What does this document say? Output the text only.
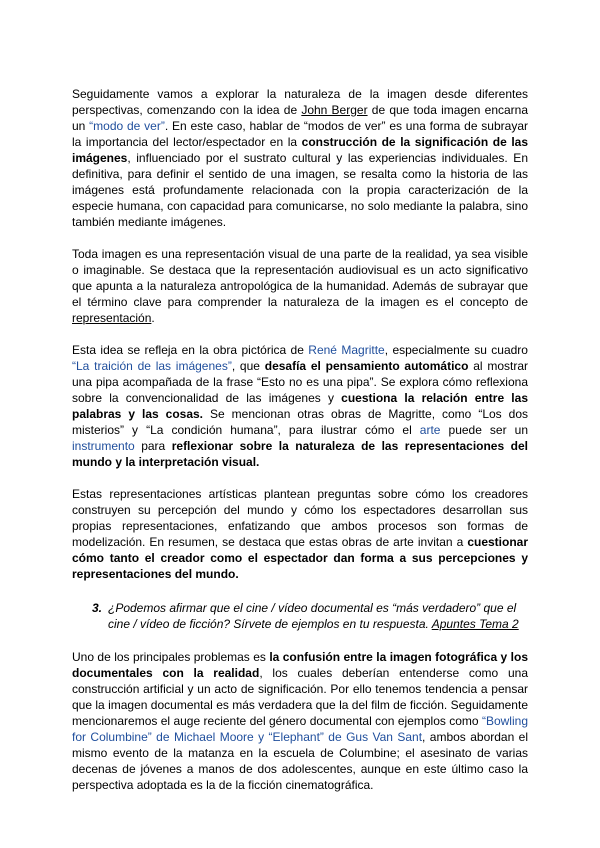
Seguidamente vamos a explorar la naturaleza de la imagen desde diferentes perspectivas, comenzando con la idea de John Berger de que toda imagen encarna un “modo de ver”. En este caso, hablar de “modos de ver” es una forma de subrayar la importancia del lector/espectador en la construcción de la significación de las imágenes, influenciado por el sustrato cultural y las experiencias individuales. En definitiva, para definir el sentido de una imagen, se resalta como la historia de las imágenes está profundamente relacionada con la propia caracterización de la especie humana, con capacidad para comunicarse, no solo mediante la palabra, sino también mediante imágenes.

Toda imagen es una representación visual de una parte de la realidad, ya sea visible o imaginable. Se destaca que la representación audiovisual es un acto significativo que apunta a la naturaleza antropológica de la humanidad. Además de subrayar que el término clave para comprender la naturaleza de la imagen es el concepto de representación.

Esta idea se refleja en la obra pictórica de René Magritte, especialmente su cuadro “La traición de las imágenes”, que desafía el pensamiento automático al mostrar una pipa acompañada de la frase “Esto no es una pipa”. Se explora cómo reflexiona sobre la convencionalidad de las imágenes y cuestiona la relación entre las palabras y las cosas. Se mencionan otras obras de Magritte, como “Los dos misterios” y “La condición humana”, para ilustrar cómo el arte puede ser un instrumento para reflexionar sobre la naturaleza de las representaciones del mundo y la interpretación visual.

Estas representaciones artísticas plantean preguntas sobre cómo los creadores construyen su percepción del mundo y cómo los espectadores desarrollan sus propias representaciones, enfatizando que ambos procesos son formas de modelización. En resumen, se destaca que estas obras de arte invitan a cuestionar cómo tanto el creador como el espectador dan forma a sus percepciones y representaciones del mundo.

3. ¿Podemos afirmar que el cine / vídeo documental es “más verdadero” que el cine / vídeo de ficción? Sírvete de ejemplos en tu respuesta. Apuntes Tema 2

Uno de los principales problemas es la confusión entre la imagen fotográfica y los documentales con la realidad, los cuales deberían entenderse como una construcción artificial y un acto de significación. Por ello tenemos tendencia a pensar que la imagen documental es más verdadera que la del film de ficción. Seguidamente mencionaremos el auge reciente del género documental con ejemplos como “Bowling for Columbine” de Michael Moore y “Elephant” de Gus Van Sant, ambos abordan el mismo evento de la matanza en la escuela de Columbine; el asesinato de varias decenas de jóvenes a manos de dos adolescentes, aunque en este último caso la perspectiva adoptada es la de la ficción cinematográfica.
